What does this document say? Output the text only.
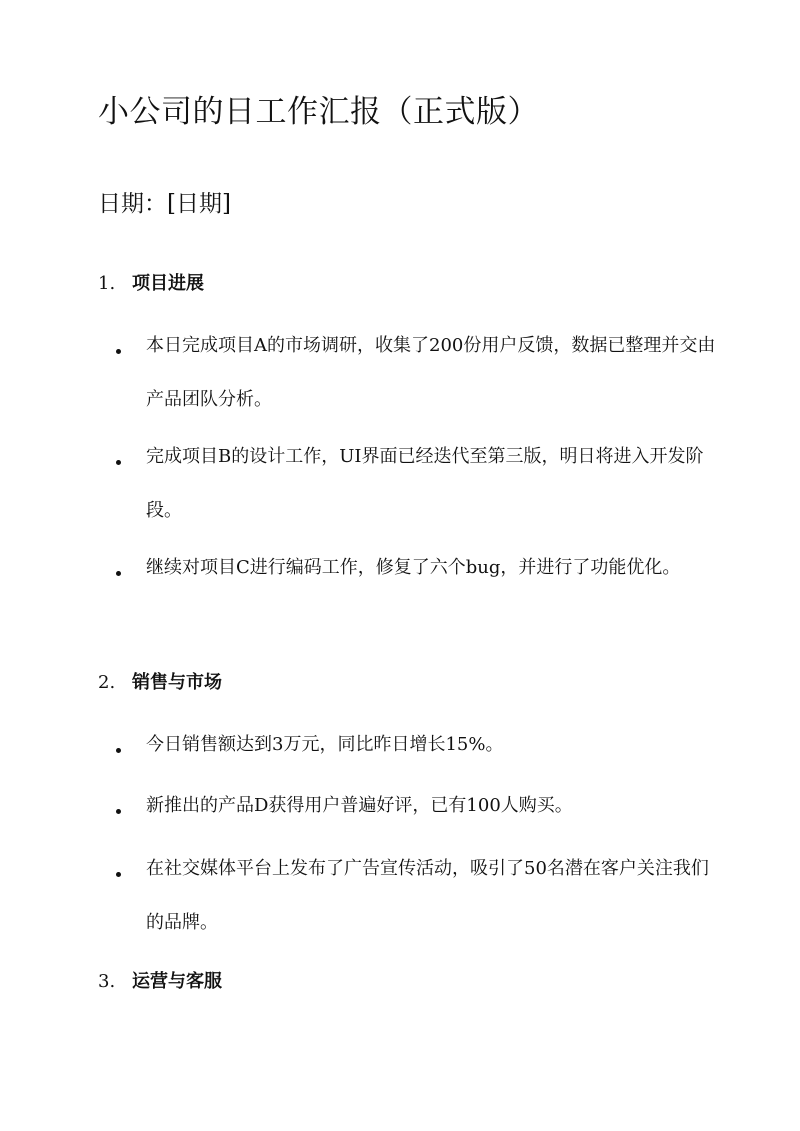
小公司的日工作汇报（正式版）
日期：[日期]
1. 项目进展

本日完成项目A的市场调研，收集了200份用户反馈，数据已整理并交由产品团队分析。

完成项目B的设计工作，UI界面已经迭代至第三版，明日将进入开发阶段。

继续对项目C进行编码工作，修复了六个bug，并进行了功能优化。

2. 销售与市场

今日销售额达到3万元，同比昨日增长15%。

新推出的产品D获得用户普遍好评，已有100人购买。

在社交媒体平台上发布了广告宣传活动，吸引了50名潜在客户关注我们的品牌。

3. 运营与客服
